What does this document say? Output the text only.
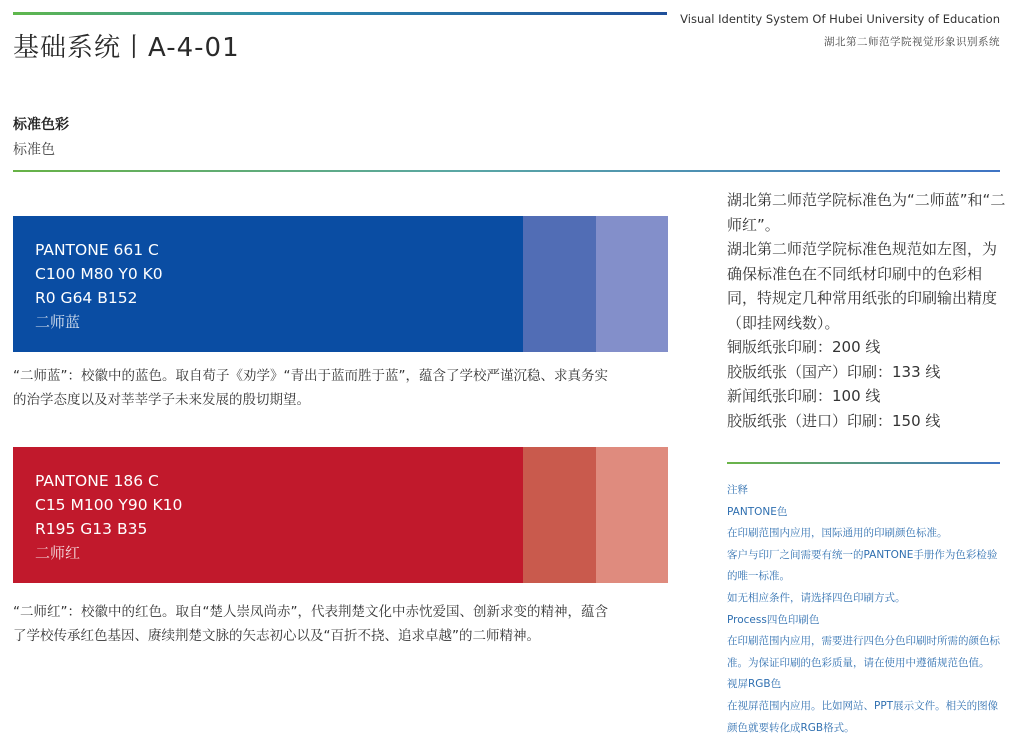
基础系统丨A-4-01
Visual Identity System Of Hubei University of Education
湖北第二师范学院视觉形象识别系统
标准色彩
标准色
PANTONE 661 C
C100 M80 Y0 K0
R0 G64 B152
二师蓝
“二师蓝”：校徽中的蓝色。取自荀子《劝学》“青出于蓝而胜于蓝”，蕴含了学校严谨沉稳、求真务实的治学态度以及对莘莘学子未来发展的殷切期望。
PANTONE 186 C
C15 M100 Y90 K10
R195 G13 B35
二师红
“二师红”：校徽中的红色。取自“楚人崇凤尚赤”，代表荆楚文化中赤忱爱国、创新求变的精神，蕴含了学校传承红色基因、赓续荆楚文脉的矢志初心以及“百折不挠、追求卓越”的二师精神。

湖北第二师范学院标准色为“二师蓝”和“二师红”。

湖北第二师范学院标准色规范如左图，为确保标准色在不同纸材印刷中的色彩相同，特规定几种常用纸张的印刷输出精度（即挂网线数）。

铜版纸张印刷：200 线

胶版纸张（国产）印刷：133 线

新闻纸张印刷：100 线

胶版纸张（进口）印刷：150 线

注释

PANTONE色

在印刷范围内应用，国际通用的印刷颜色标准。

客户与印厂之间需要有统一的PANTONE手册作为色彩检验的唯一标准。

如无相应条件，请选择四色印刷方式。

Process四色印刷色

在印刷范围内应用，需要进行四色分色印刷时所需的颜色标准。为保证印刷的色彩质量，请在使用中遵循规范色值。

视屏RGB色

在视屏范围内应用。比如网站、PPT展示文件。相关的图像颜色就要转化成RGB格式。
